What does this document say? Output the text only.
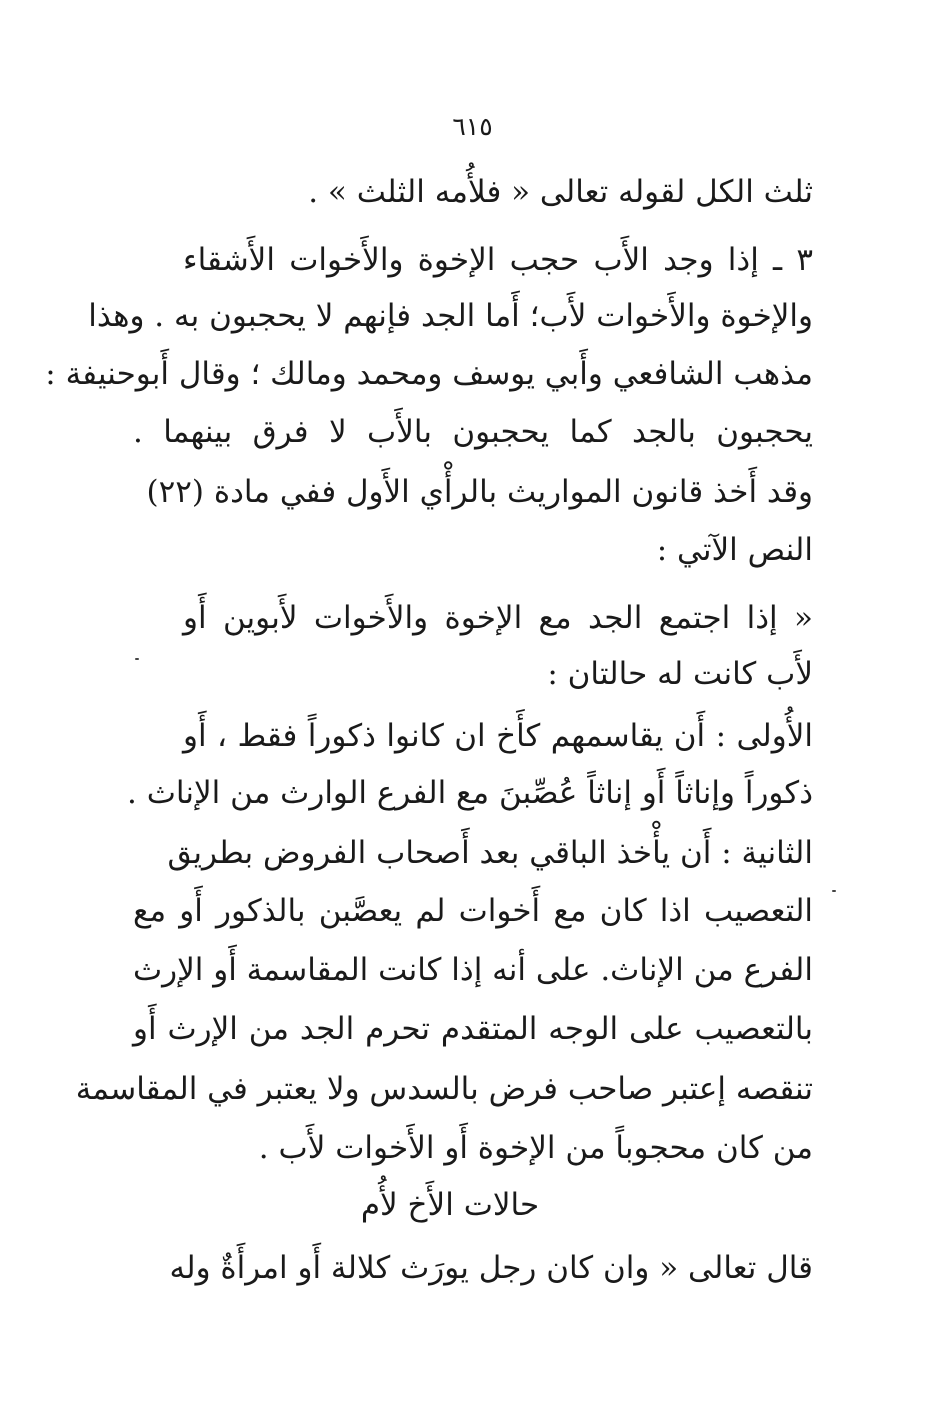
٦١٥
ثلث الكل لقوله تعالى « فلأُمه الثلث » .
٣ ـ إذا وجد الأَب حجب الإخوة والأَخوات الأَشقاء
والإخوة والأَخوات لأَب؛ أَما الجد فإنهم لا يحجبون به . وهذا
مذهب الشافعي وأَبي يوسف ومحمد ومالك ؛ وقال أَبوحنيفة :
يحجبون بالجد كما يحجبون بالأَب لا فرق بينهما .
وقد أَخذ قانون المواريث بالرأْي الأَول ففي مادة (٢٢)
النص الآتي :
« إذا اجتمع الجد مع الإخوة والأَخوات لأَبوين أَو
لأَب كانت له حالتان :
الأُولى : أَن يقاسمهم كأَخ ان كانوا ذكوراً فقط ، أَو
ذكوراً وإناثاً أَو إناثاً عُصِّبنَ مع الفرع الوارث من الإناث .
الثانية : أَن يأْخذ الباقي بعد أَصحاب الفروض بطريق
التعصيب اذا كان مع أَخوات لم يعصَّبن بالذكور أَو مع
الفرع من الإناث. على أنه إذا كانت المقاسمة أَو الإرث
بالتعصيب على الوجه المتقدم تحرم الجد من الإرث أَو
تنقصه إعتبر صاحب فرض بالسدس ولا يعتبر في المقاسمة
من كان محجوباً من الإخوة أَو الأَخوات لأَب .
حالات الأَخ لأُم
قال تعالى « وان كان رجل يورَث كلالة أَو امرأَةٌ وله
